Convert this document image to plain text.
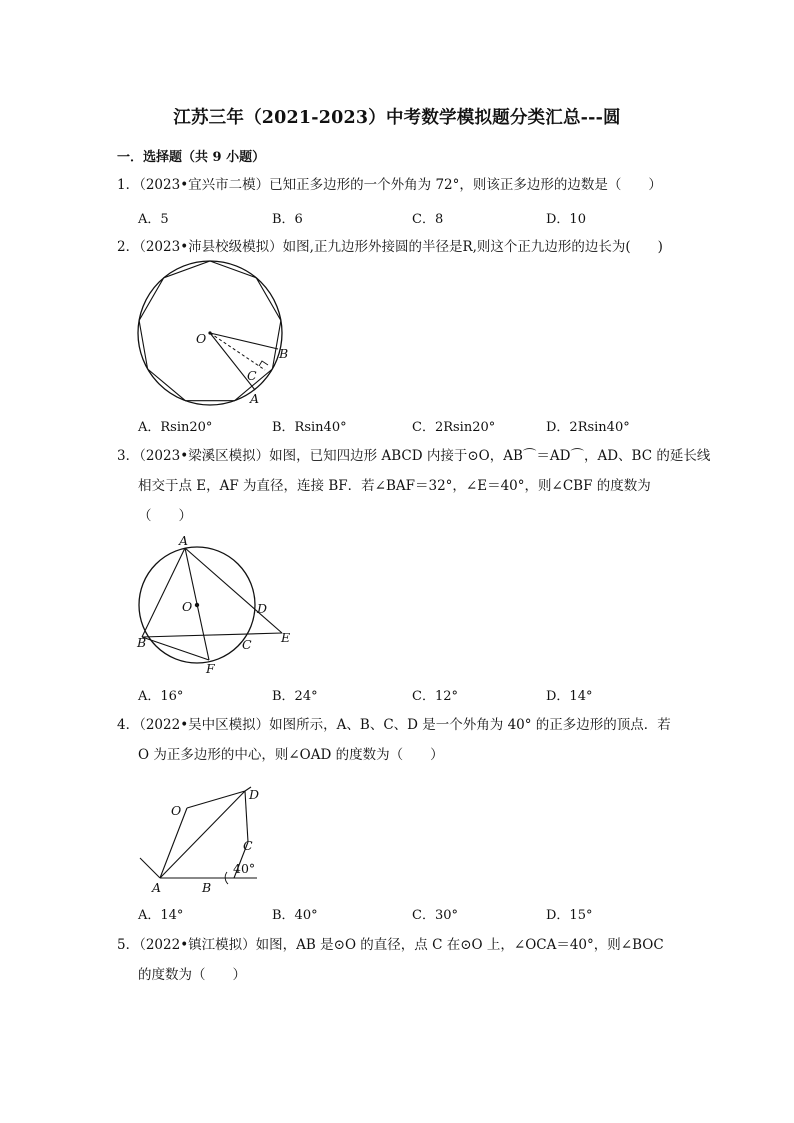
江苏三年（2021-2023）中考数学模拟题分类汇总---圆
一．选择题（共 9 小题）
1．（2023•宜兴市二模）已知正多边形的一个外角为 72°，则该正多边形的边数是（　　）
A．5	B．6	C．8	D．10
2．（2023•沛县校级模拟）如图,正九边形外接圆的半径是R,则这个正九边形的边长为(　　)
O
B
C
A
A．Rsin20°	B．Rsin40°	C．2Rsin20°	D．2Rsin40°
3．（2023•梁溪区模拟）如图，已知四边形 ABCD 内接于⊙O，AB⌒＝AD⌒，AD、BC 的延长线
相交于点 E，AF 为直径，连接 BF．若∠BAF＝32°，∠E＝40°，则∠CBF 的度数为
（　　）
A
O	D
B	C E
F
A．16°	B．24°	C．12°	D．14°
4．（2022•吴中区模拟）如图所示，A、B、C、D 是一个外角为 40° 的正多边形的顶点．若
O 为正多边形的中心，则∠OAD 的度数为（　　）
D
O
C
40°
A	B
A．14°	B．40°	C．30°	D．15°
5．（2022•镇江模拟）如图，AB 是⊙O 的直径，点 C 在⊙O 上，∠OCA＝40°，则∠BOC
的度数为（　　）
